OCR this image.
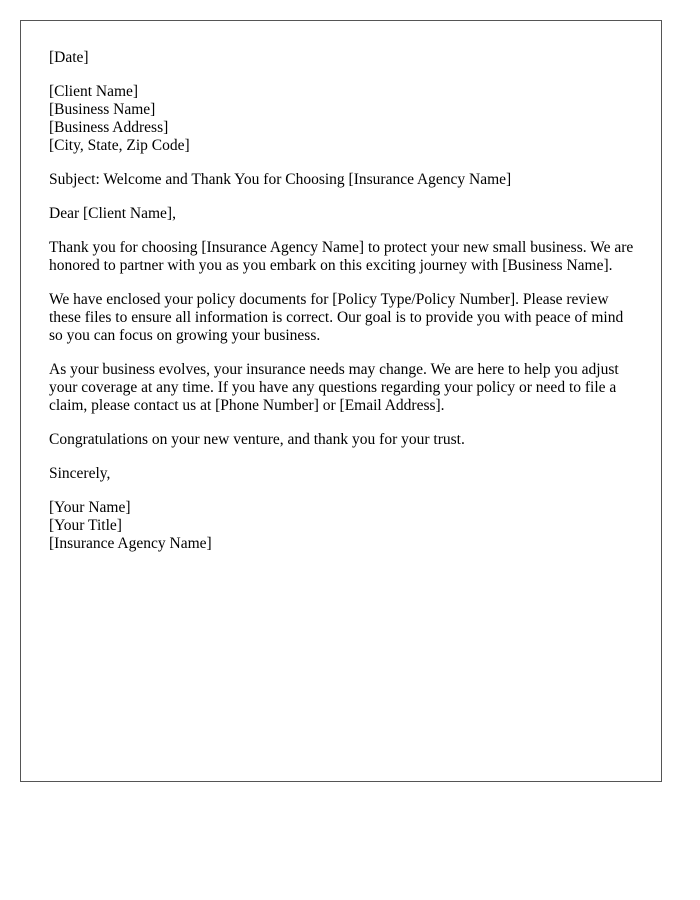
[Date]
[Client Name]
[Business Name]
[Business Address]
[City, State, Zip Code]
Subject: Welcome and Thank You for Choosing [Insurance Agency Name]
Dear [Client Name],

Thank you for choosing [Insurance Agency Name] to protect your new small business. We are honored to partner with you as you embark on this exciting journey with [Business Name].

We have enclosed your policy documents for [Policy Type/Policy Number]. Please review these files to ensure all information is correct. Our goal is to provide you with peace of mind so you can focus on growing your business.

As your business evolves, your insurance needs may change. We are here to help you adjust your coverage at any time. If you have any questions regarding your policy or need to file a claim, please contact us at [Phone Number] or [Email Address].

Congratulations on your new venture, and thank you for your trust.

Sincerely,
[Your Name]
[Your Title]
[Insurance Agency Name]
